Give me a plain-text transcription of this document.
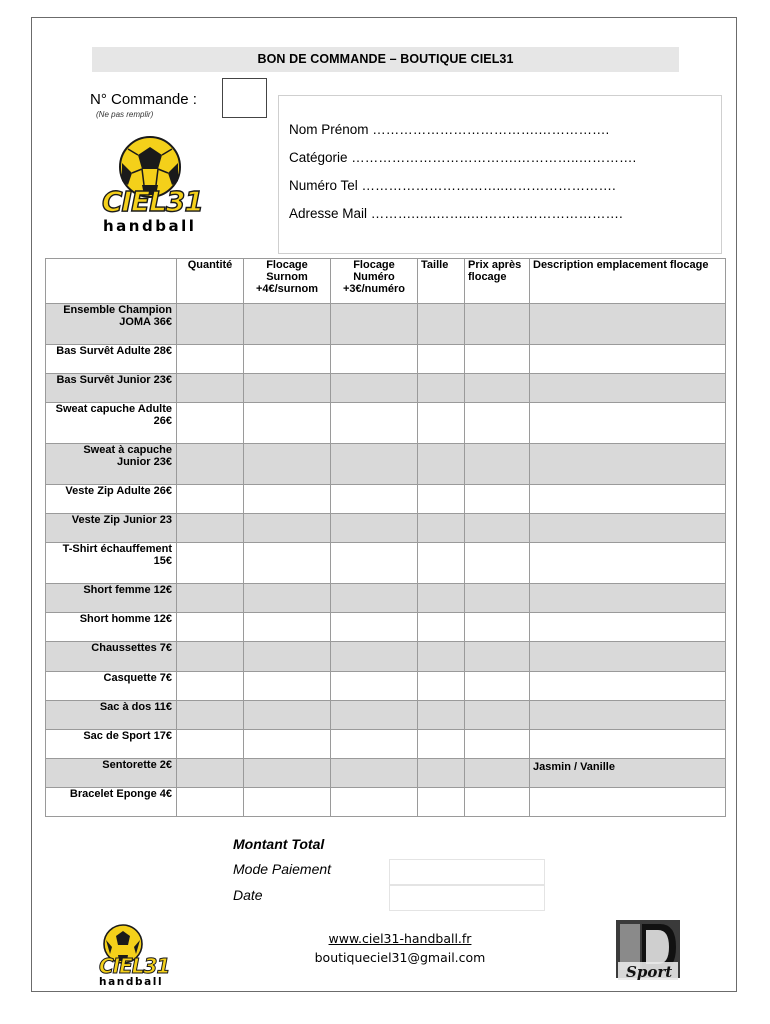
BON DE COMMANDE – BOUTIQUE CIEL31
N° Commande :
(Ne pas remplir)
CIEL31
handball
Nom Prénom ……………………………….…………….
Catégorie ……………………………….…………..………….
Numéro Tel …………………………..…………………….
Adresse Mail ……….…..……..…………………………….
	Quantité	Flocage Surnom +4€/surnom	Flocage Numéro +3€/numéro	Taille	Prix après flocage	Description emplacement flocage
Ensemble Champion JOMA 36€						
Bas Survêt Adulte 28€						
Bas Survêt Junior 23€						
Sweat capuche Adulte 26€						
Sweat à capuche Junior 23€						
Veste Zip Adulte 26€						
Veste Zip Junior 23						
T-Shirt échauffement 15€						
Short femme 12€						
Short homme 12€						
Chaussettes 7€						
Casquette 7€						
Sac à dos 11€						
Sac de Sport 17€						
Sentorette 2€						Jasmin / Vanille
Bracelet Eponge 4€						
Montant Total
Mode Paiement
Date
CIEL31
handball
www.ciel31-handball.fr
boutiqueciel31@gmail.com
Sport
